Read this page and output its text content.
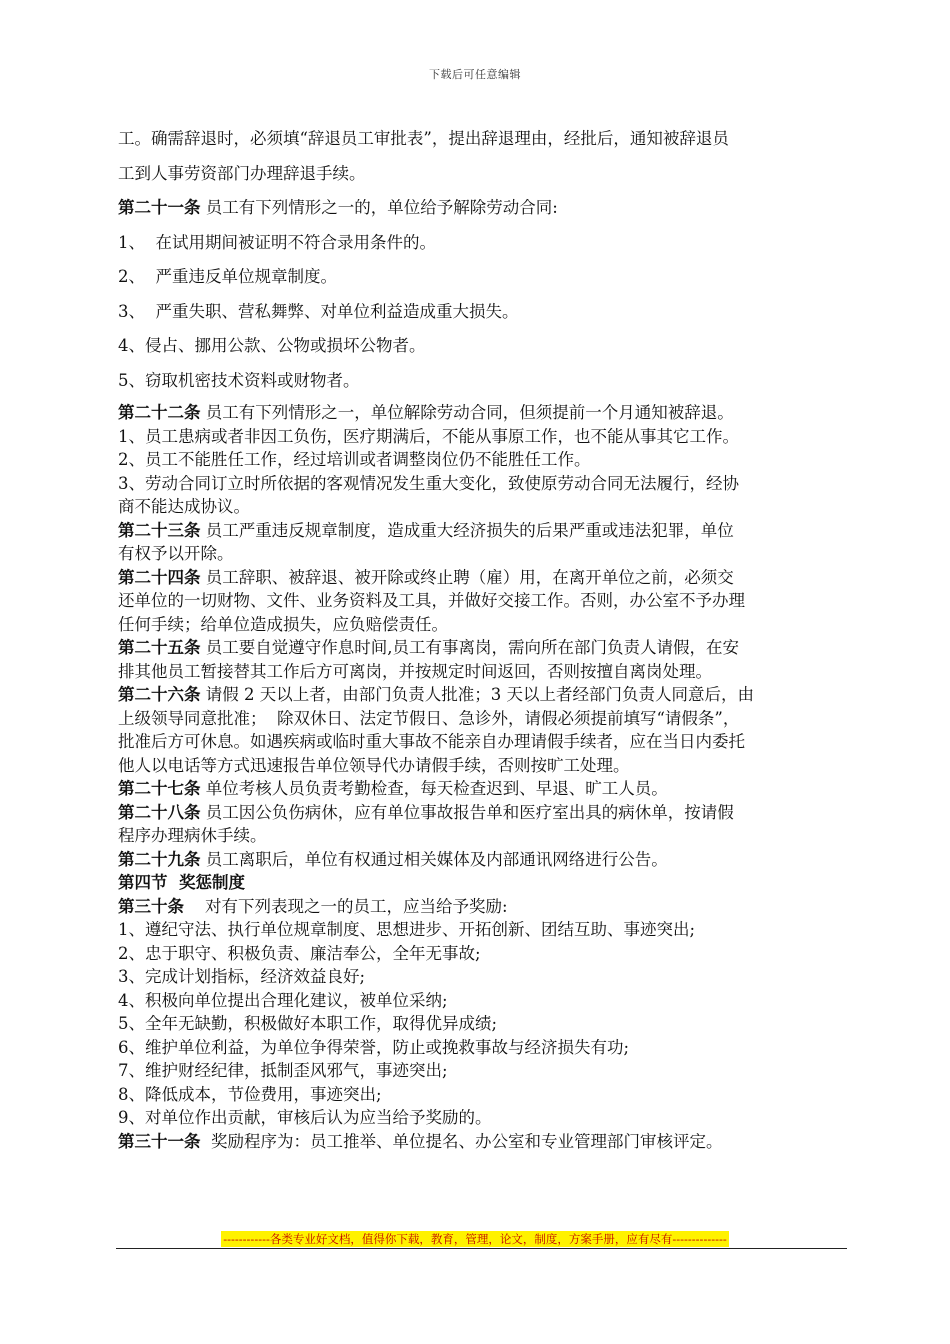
下载后可任意编辑
工。确需辞退时，必须填“辞退员工审批表”，提出辞退理由，经批后，通知被辞退员
工到人事劳资部门办理辞退手续。
第二十一条 员工有下列情形之一的，单位给予解除劳动合同:
1、  在试用期间被证明不符合录用条件的。
2、  严重违反单位规章制度。
3、  严重失职、营私舞弊、对单位利益造成重大损失。
4、侵占、挪用公款、公物或损坏公物者。
5、窃取机密技术资料或财物者。
第二十二条 员工有下列情形之一，单位解除劳动合同，但须提前一个月通知被辞退。
1、员工患病或者非因工负伤，医疗期满后，不能从事原工作，也不能从事其它工作。
2、员工不能胜任工作，经过培训或者调整岗位仍不能胜任工作。
3、劳动合同订立时所依据的客观情况发生重大变化，致使原劳动合同无法履行，经协
商不能达成协议。
第二十三条 员工严重违反规章制度，造成重大经济损失的后果严重或违法犯罪，单位
有权予以开除。
第二十四条 员工辞职、被辞退、被开除或终止聘（雇）用，在离开单位之前，必须交
还单位的一切财物、文件、业务资料及工具，并做好交接工作。否则，办公室不予办理
任何手续；给单位造成损失，应负赔偿责任。
第二十五条 员工要自觉遵守作息时间,员工有事离岗，需向所在部门负责人请假，在安
排其他员工暂接替其工作后方可离岗，并按规定时间返回，否则按擅自离岗处理。
第二十六条 请假 2 天以上者，由部门负责人批准；3 天以上者经部门负责人同意后，由
上级领导同意批准；  除双休日、法定节假日、急诊外，请假必须提前填写“请假条”，
批准后方可休息。如遇疾病或临时重大事故不能亲自办理请假手续者，应在当日内委托
他人以电话等方式迅速报告单位领导代办请假手续，否则按旷工处理。
第二十七条 单位考核人员负责考勤检查，每天检查迟到、早退、旷工人员。
第二十八条 员工因公负伤病休，应有单位事故报告单和医疗室出具的病休单，按请假
程序办理病休手续。
第二十九条 员工离职后，单位有权通过相关媒体及内部通讯网络进行公告。
第四节  奖惩制度
第三十条    对有下列表现之一的员工，应当给予奖励:
1、遵纪守法、执行单位规章制度、思想进步、开拓创新、团结互助、事迹突出;
2、忠于职守、积极负责、廉洁奉公，全年无事故;
3、完成计划指标，经济效益良好;
4、积极向单位提出合理化建议，被单位采纳;
5、全年无缺勤，积极做好本职工作，取得优异成绩;
6、维护单位利益，为单位争得荣誉，防止或挽救事故与经济损失有功;
7、维护财经纪律，抵制歪风邪气，事迹突出;
8、降低成本，节俭费用，事迹突出;
9、对单位作出贡献，审核后认为应当给予奖励的。
第三十一条  奖励程序为：员工推举、单位提名、办公室和专业管理部门审核评定。
------------各类专业好文档，值得你下载，教育，管理，论文，制度，方案手册，应有尽有--------------
